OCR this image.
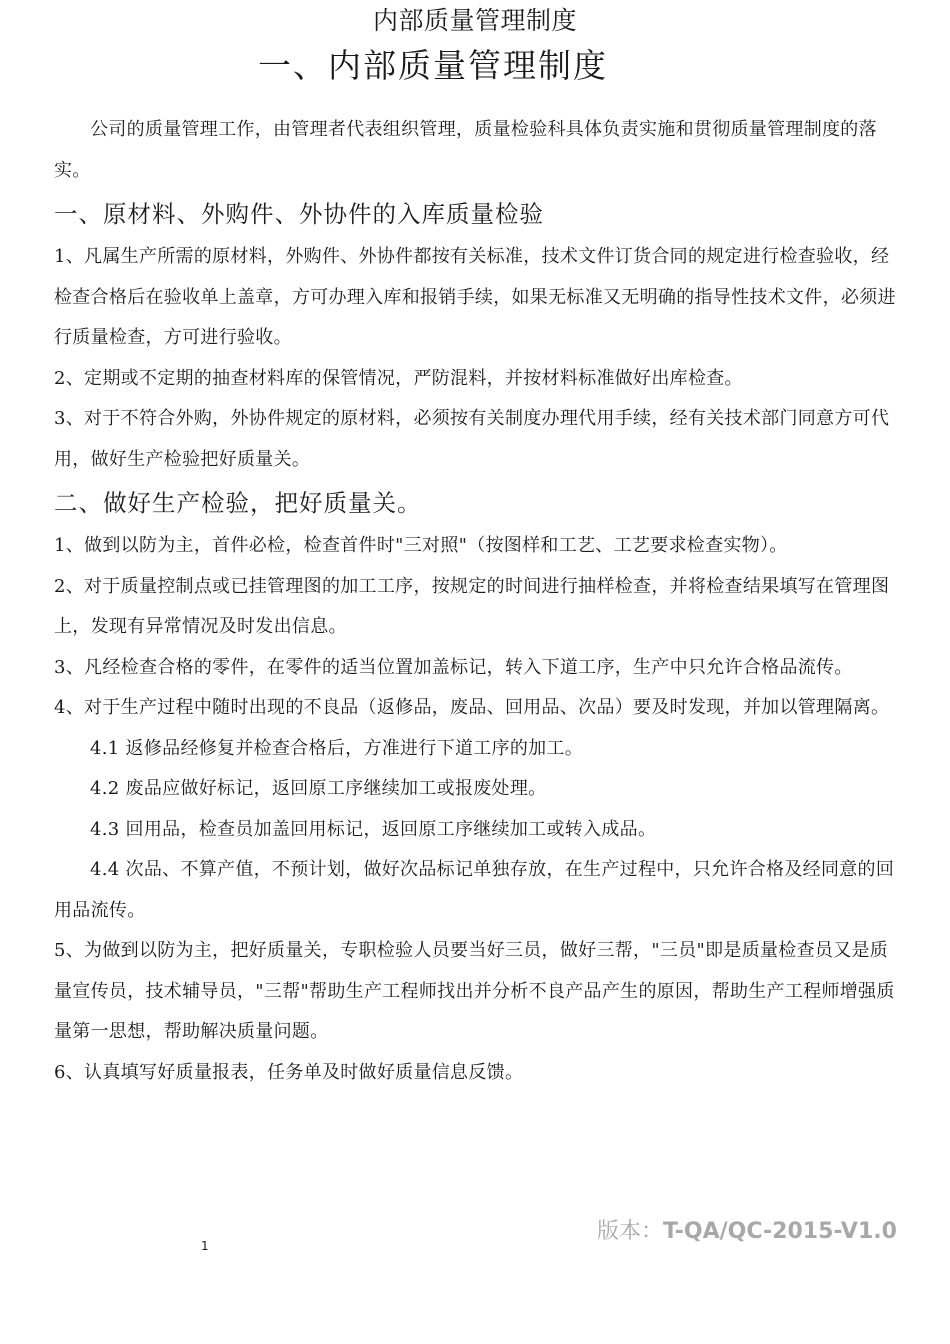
内部质量管理制度
一、内部质量管理制度

公司的质量管理工作，由管理者代表组织管理，质量检验科具体负责实施和贯彻质量管理制度的落实。

一、原材料、外购件、外协件的入库质量检验

1、凡属生产所需的原材料，外购件、外协件都按有关标准，技术文件订货合同的规定进行检查验收，经检查合格后在验收单上盖章，方可办理入库和报销手续，如果无标准又无明确的指导性技术文件，必须进行质量检查，方可进行验收。

2、定期或不定期的抽查材料库的保管情况，严防混料，并按材料标准做好出库检查。

3、对于不符合外购，外协件规定的原材料，必须按有关制度办理代用手续，经有关技术部门同意方可代用，做好生产检验把好质量关。

二、做好生产检验，把好质量关。

1、做到以防为主，首件必检，检查首件时"三对照"（按图样和工艺、工艺要求检查实物）。

2、对于质量控制点或已挂管理图的加工工序，按规定的时间进行抽样检查，并将检查结果填写在管理图上，发现有异常情况及时发出信息。

3、凡经检查合格的零件，在零件的适当位置加盖标记，转入下道工序，生产中只允许合格品流传。

4、对于生产过程中随时出现的不良品（返修品，废品、回用品、次品）要及时发现，并加以管理隔离。

4.1 返修品经修复并检查合格后，方准进行下道工序的加工。

4.2 废品应做好标记，返回原工序继续加工或报废处理。

4.3 回用品，检查员加盖回用标记，返回原工序继续加工或转入成品。

4.4 次品、不算产值，不预计划，做好次品标记单独存放，在生产过程中，只允许合格及经同意的回用品流传。

5、为做到以防为主，把好质量关，专职检验人员要当好三员，做好三帮，"三员"即是质量检查员又是质量宣传员，技术辅导员，"三帮"帮助生产工程师找出并分析不良产品产生的原因，帮助生产工程师增强质量第一思想，帮助解决质量问题。

6、认真填写好质量报表，任务单及时做好质量信息反馈。

版本：T-QA/QC-2015-V1.0
1
